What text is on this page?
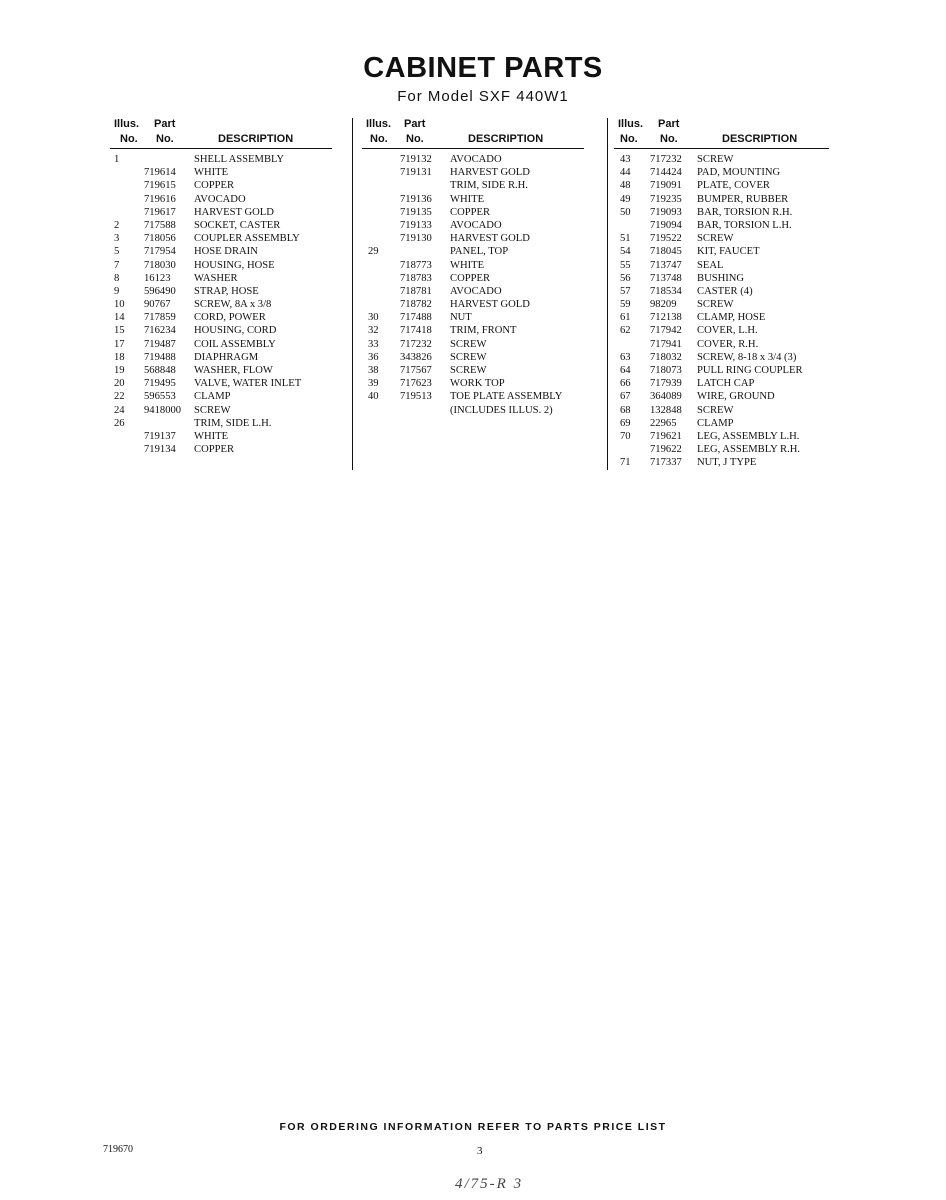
CABINET PARTS
For Model SXF 440W1
Illus. Part
No. No.	DESCRIPTION
1	SHELL ASSEMBLY
719614 WHITE
719615 COPPER
719616 AVOCADO
719617 HARVEST GOLD
2 717588 SOCKET, CASTER
3 718056 COUPLER ASSEMBLY
5 717954 HOSE DRAIN
7 718030 HOUSING, HOSE
8 16123 WASHER
9 596490 STRAP, HOSE
10 90767 SCREW, 8A x 3/8
14 717859 CORD, POWER
15 716234 HOUSING, CORD
17 719487 COIL ASSEMBLY
18 719488 DIAPHRAGM
19 568848 WASHER, FLOW
20 719495 VALVE, WATER INLET
22 596553 CLAMP
24 9418000 SCREW
26	TRIM, SIDE L.H.
719137 WHITE
719134 COPPER
Illus. Part
No. No.	DESCRIPTION
719132 AVOCADO
719131 HARVEST GOLD
TRIM, SIDE R.H.
719136 WHITE
719135 COPPER
719133 AVOCADO
719130 HARVEST GOLD
29	PANEL, TOP
718773 WHITE
718783 COPPER
718781 AVOCADO
718782 HARVEST GOLD
30 717488 NUT
32 717418 TRIM, FRONT
33 717232 SCREW
36 343826 SCREW
38 717567 SCREW
39 717623 WORK TOP
40 719513 TOE PLATE ASSEMBLY
(INCLUDES ILLUS. 2)
Illus. Part
No. No.	DESCRIPTION
43 717232 SCREW
44 714424 PAD, MOUNTING
48 719091 PLATE, COVER
49 719235 BUMPER, RUBBER
50 719093 BAR, TORSION R.H.
719094 BAR, TORSION L.H.
51 719522 SCREW
54 718045 KIT, FAUCET
55 713747 SEAL
56 713748 BUSHING
57 718534 CASTER (4)
59 98209 SCREW
61 712138 CLAMP, HOSE
62 717942 COVER, L.H.
717941 COVER, R.H.
63 718032 SCREW, 8-18 x 3/4 (3)
64 718073 PULL RING COUPLER
66 717939 LATCH CAP
67 364089 WIRE, GROUND
68 132848 SCREW
69 22965 CLAMP
70 719621 LEG, ASSEMBLY L.H.
719622 LEG, ASSEMBLY R.H.
71 717337 NUT, J TYPE
FOR ORDERING INFORMATION REFER TO PARTS PRICE LIST
719670	3
4/75-R 3
